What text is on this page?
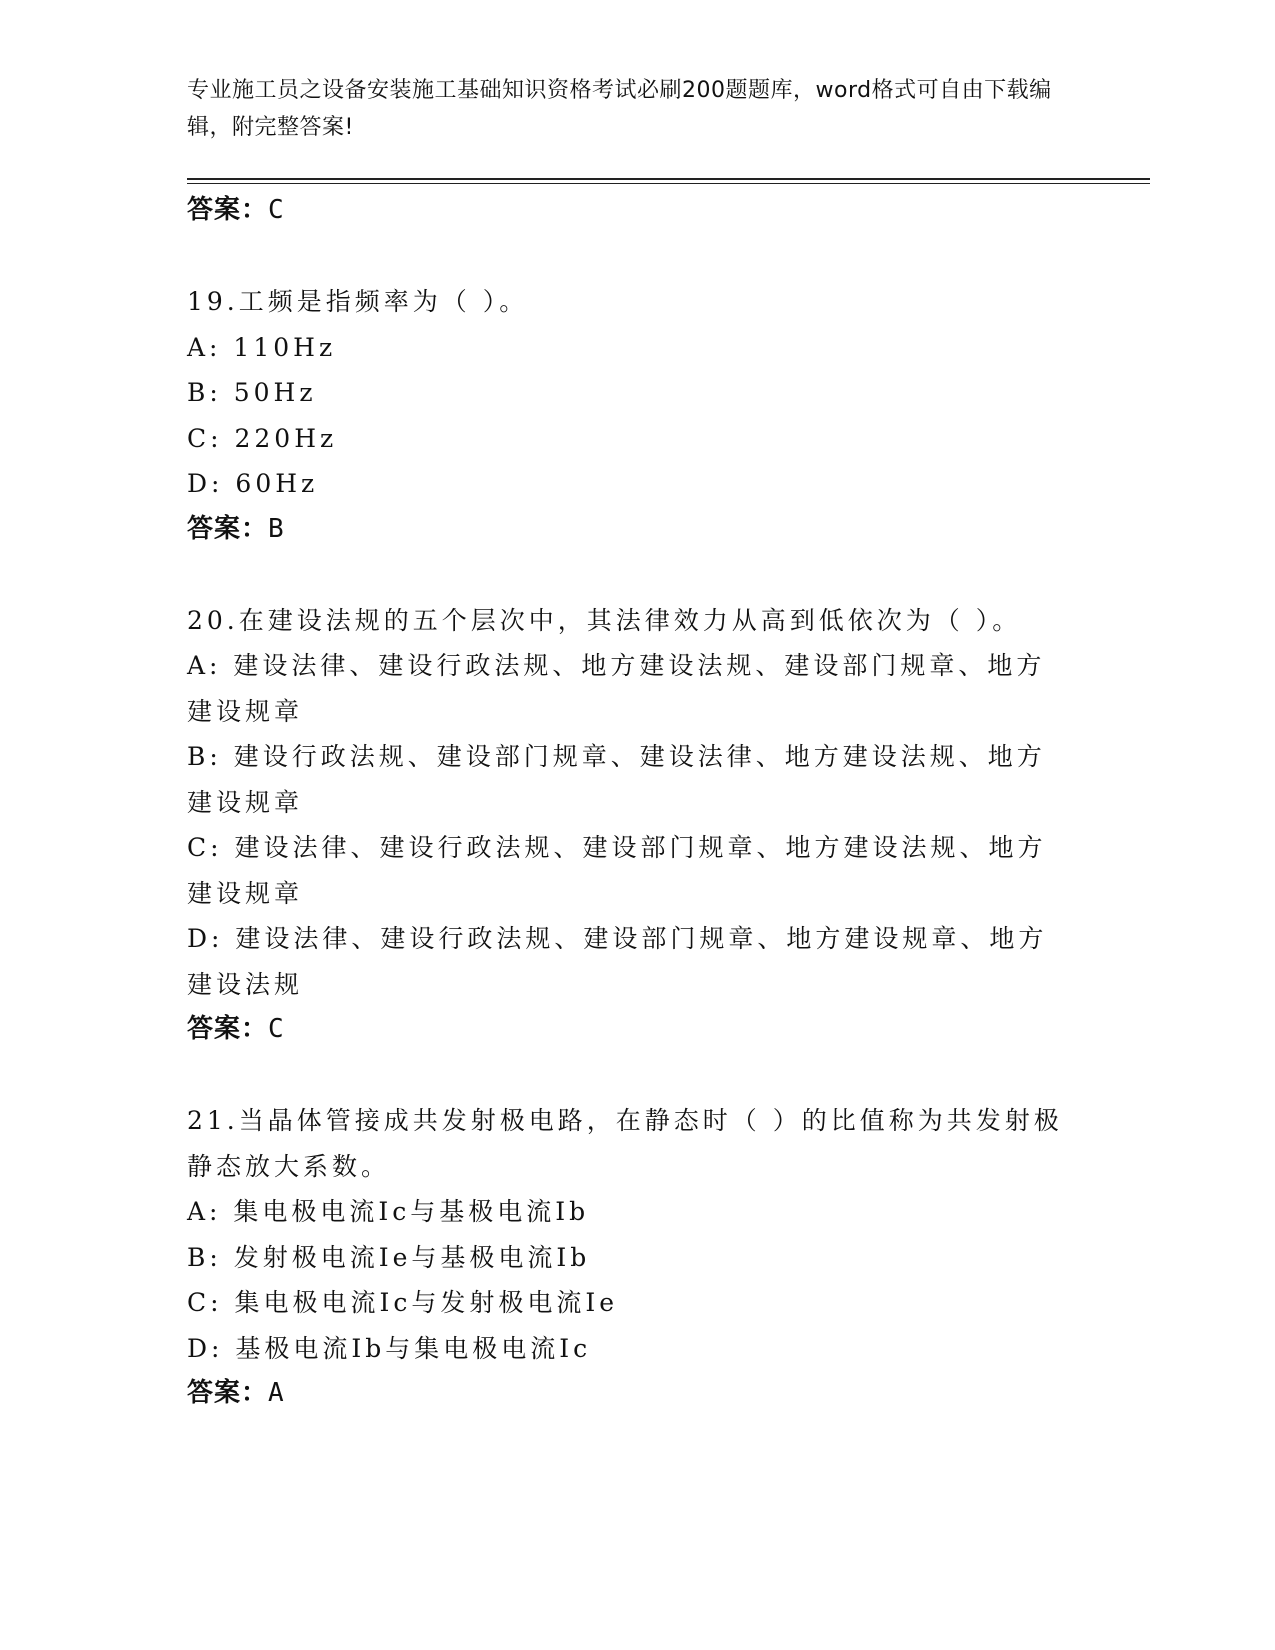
专业施工员之设备安装施工基础知识资格考试必刷200题题库，word格式可自由下载编辑，附完整答案!
答案：C
19.工频是指频率为（ ）。
A: 110Hz
B: 50Hz
C: 220Hz
D: 60Hz
答案：B
20.在建设法规的五个层次中，其法律效力从高到低依次为（ ）。
A: 建设法律、建设行政法规、地方建设法规、建设部门规章、地方建设规章
B: 建设行政法规、建设部门规章、建设法律、地方建设法规、地方建设规章
C: 建设法律、建设行政法规、建设部门规章、地方建设法规、地方建设规章
D: 建设法律、建设行政法规、建设部门规章、地方建设规章、地方建设法规
答案：C
21.当晶体管接成共发射极电路，在静态时（ ）的比值称为共发射极静态放大系数。
A: 集电极电流Ic与基极电流Ib
B: 发射极电流Ie与基极电流Ib
C: 集电极电流Ic与发射极电流Ie
D: 基极电流Ib与集电极电流Ic
答案：A
